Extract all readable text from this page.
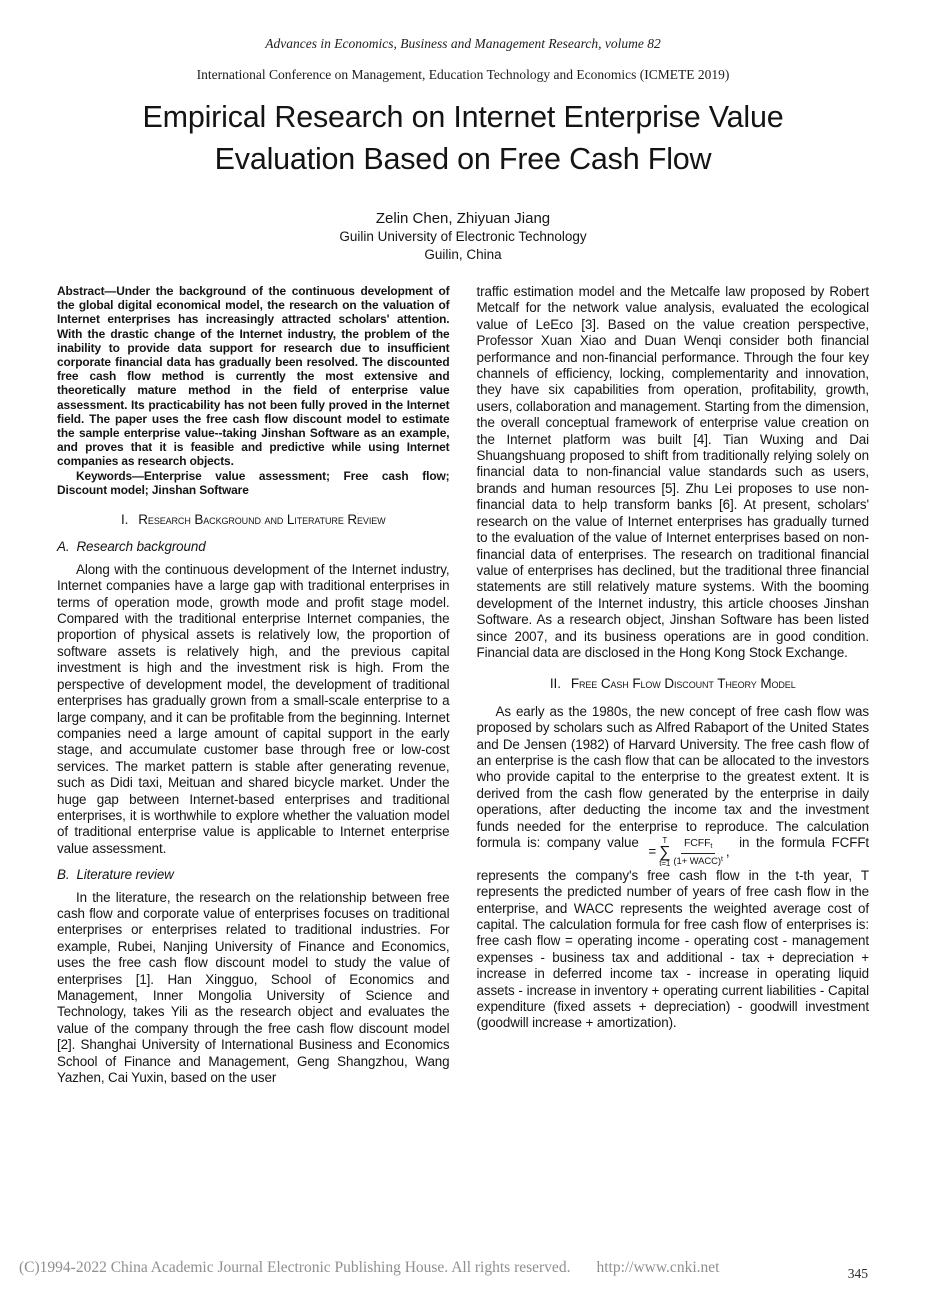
Advances in Economics, Business and Management Research, volume 82
International Conference on Management, Education Technology and Economics (ICMETE 2019)
Empirical Research on Internet Enterprise Value Evaluation Based on Free Cash Flow
Zelin Chen, Zhiyuan Jiang
Guilin University of Electronic Technology
Guilin, China

Abstract—Under the background of the continuous development of the global digital economical model, the research on the valuation of Internet enterprises has increasingly attracted scholars' attention. With the drastic change of the Internet industry, the problem of the inability to provide data support for research due to insufficient corporate financial data has gradually been resolved. The discounted free cash flow method is currently the most extensive and theoretically mature method in the field of enterprise value assessment. Its practicability has not been fully proved in the Internet field. The paper uses the free cash flow discount model to estimate the sample enterprise value--taking Jinshan Software as an example, and proves that it is feasible and predictive while using Internet companies as research objects.

Keywords—Enterprise value assessment; Free cash flow; Discount model; Jinshan Software

I. Research Background and Literature Review
A. Research background

Along with the continuous development of the Internet industry, Internet companies have a large gap with traditional enterprises in terms of operation mode, growth mode and profit stage model. Compared with the traditional enterprise Internet companies, the proportion of physical assets is relatively low, the proportion of software assets is relatively high, and the previous capital investment is high and the investment risk is high. From the perspective of development model, the development of traditional enterprises has gradually grown from a small-scale enterprise to a large company, and it can be profitable from the beginning. Internet companies need a large amount of capital support in the early stage, and accumulate customer base through free or low-cost services. The market pattern is stable after generating revenue, such as Didi taxi, Meituan and shared bicycle market. Under the huge gap between Internet-based enterprises and traditional enterprises, it is worthwhile to explore whether the valuation model of traditional enterprise value is applicable to Internet enterprise value assessment.

B. Literature review

In the literature, the research on the relationship between free cash flow and corporate value of enterprises focuses on traditional enterprises or enterprises related to traditional industries. For example, Rubei, Nanjing University of Finance and Economics, uses the free cash flow discount model to study the value of enterprises [1]. Han Xingguo, School of Economics and Management, Inner Mongolia University of Science and Technology, takes Yili as the research object and evaluates the value of the company through the free cash flow discount model [2]. Shanghai University of International Business and Economics School of Finance and Management, Geng Shangzhou, Wang Yazhen, Cai Yuxin, based on the user

traffic estimation model and the Metcalfe law proposed by Robert Metcalf for the network value analysis, evaluated the ecological value of LeEco [3]. Based on the value creation perspective, Professor Xuan Xiao and Duan Wenqi consider both financial performance and non-financial performance. Through the four key channels of efficiency, locking, complementarity and innovation, they have six capabilities from operation, profitability, growth, users, collaboration and management. Starting from the dimension, the overall conceptual framework of enterprise value creation on the Internet platform was built [4]. Tian Wuxing and Dai Shuangshuang proposed to shift from traditionally relying solely on financial data to non-financial value standards such as users, brands and human resources [5]. Zhu Lei proposes to use non-financial data to help transform banks [6]. At present, scholars' research on the value of Internet enterprises has gradually turned to the evaluation of the value of Internet enterprises based on non-financial data of enterprises. The research on traditional financial value of enterprises has declined, but the traditional three financial statements are still relatively mature systems. With the booming development of the Internet industry, this article chooses Jinshan Software. As a research object, Jinshan Software has been listed since 2007, and its business operations are in good condition. Financial data are disclosed in the Hong Kong Stock Exchange.

II. Free Cash Flow Discount Theory Model

As early as the 1980s, the new concept of free cash flow was proposed by scholars such as Alfred Rabaport of the United States and De Jensen (1982) of Harvard University. The free cash flow of an enterprise is the cash flow that can be allocated to the investors who provide capital to the enterprise to the greatest extent. It is derived from the cash flow generated by the enterprise in daily operations, after deducting the income tax and the investment funds needed for the enterprise to reproduce. The calculation formula is: company value
=
T
∑
$t=1 \frac{FCFF_t}{(1+ WACC)^t}$ ,
in the formula FCFFt represents the company's free cash flow in the t-th year, T represents the predicted number of years of free cash flow in the enterprise, and WACC represents the weighted average cost of capital. The calculation formula for free cash flow of enterprises is: free cash flow = operating income - operating cost - management expenses - business tax and additional - tax + depreciation + increase in deferred income tax - increase in operating liquid assets - increase in inventory + operating current liabilities - Capital expenditure (fixed assets + depreciation) - goodwill investment (goodwill increase + amortization).

(C)1994-2022 China Academic Journal Electronic Publishing House. All rights reserved. http://www.cnki.net	345
